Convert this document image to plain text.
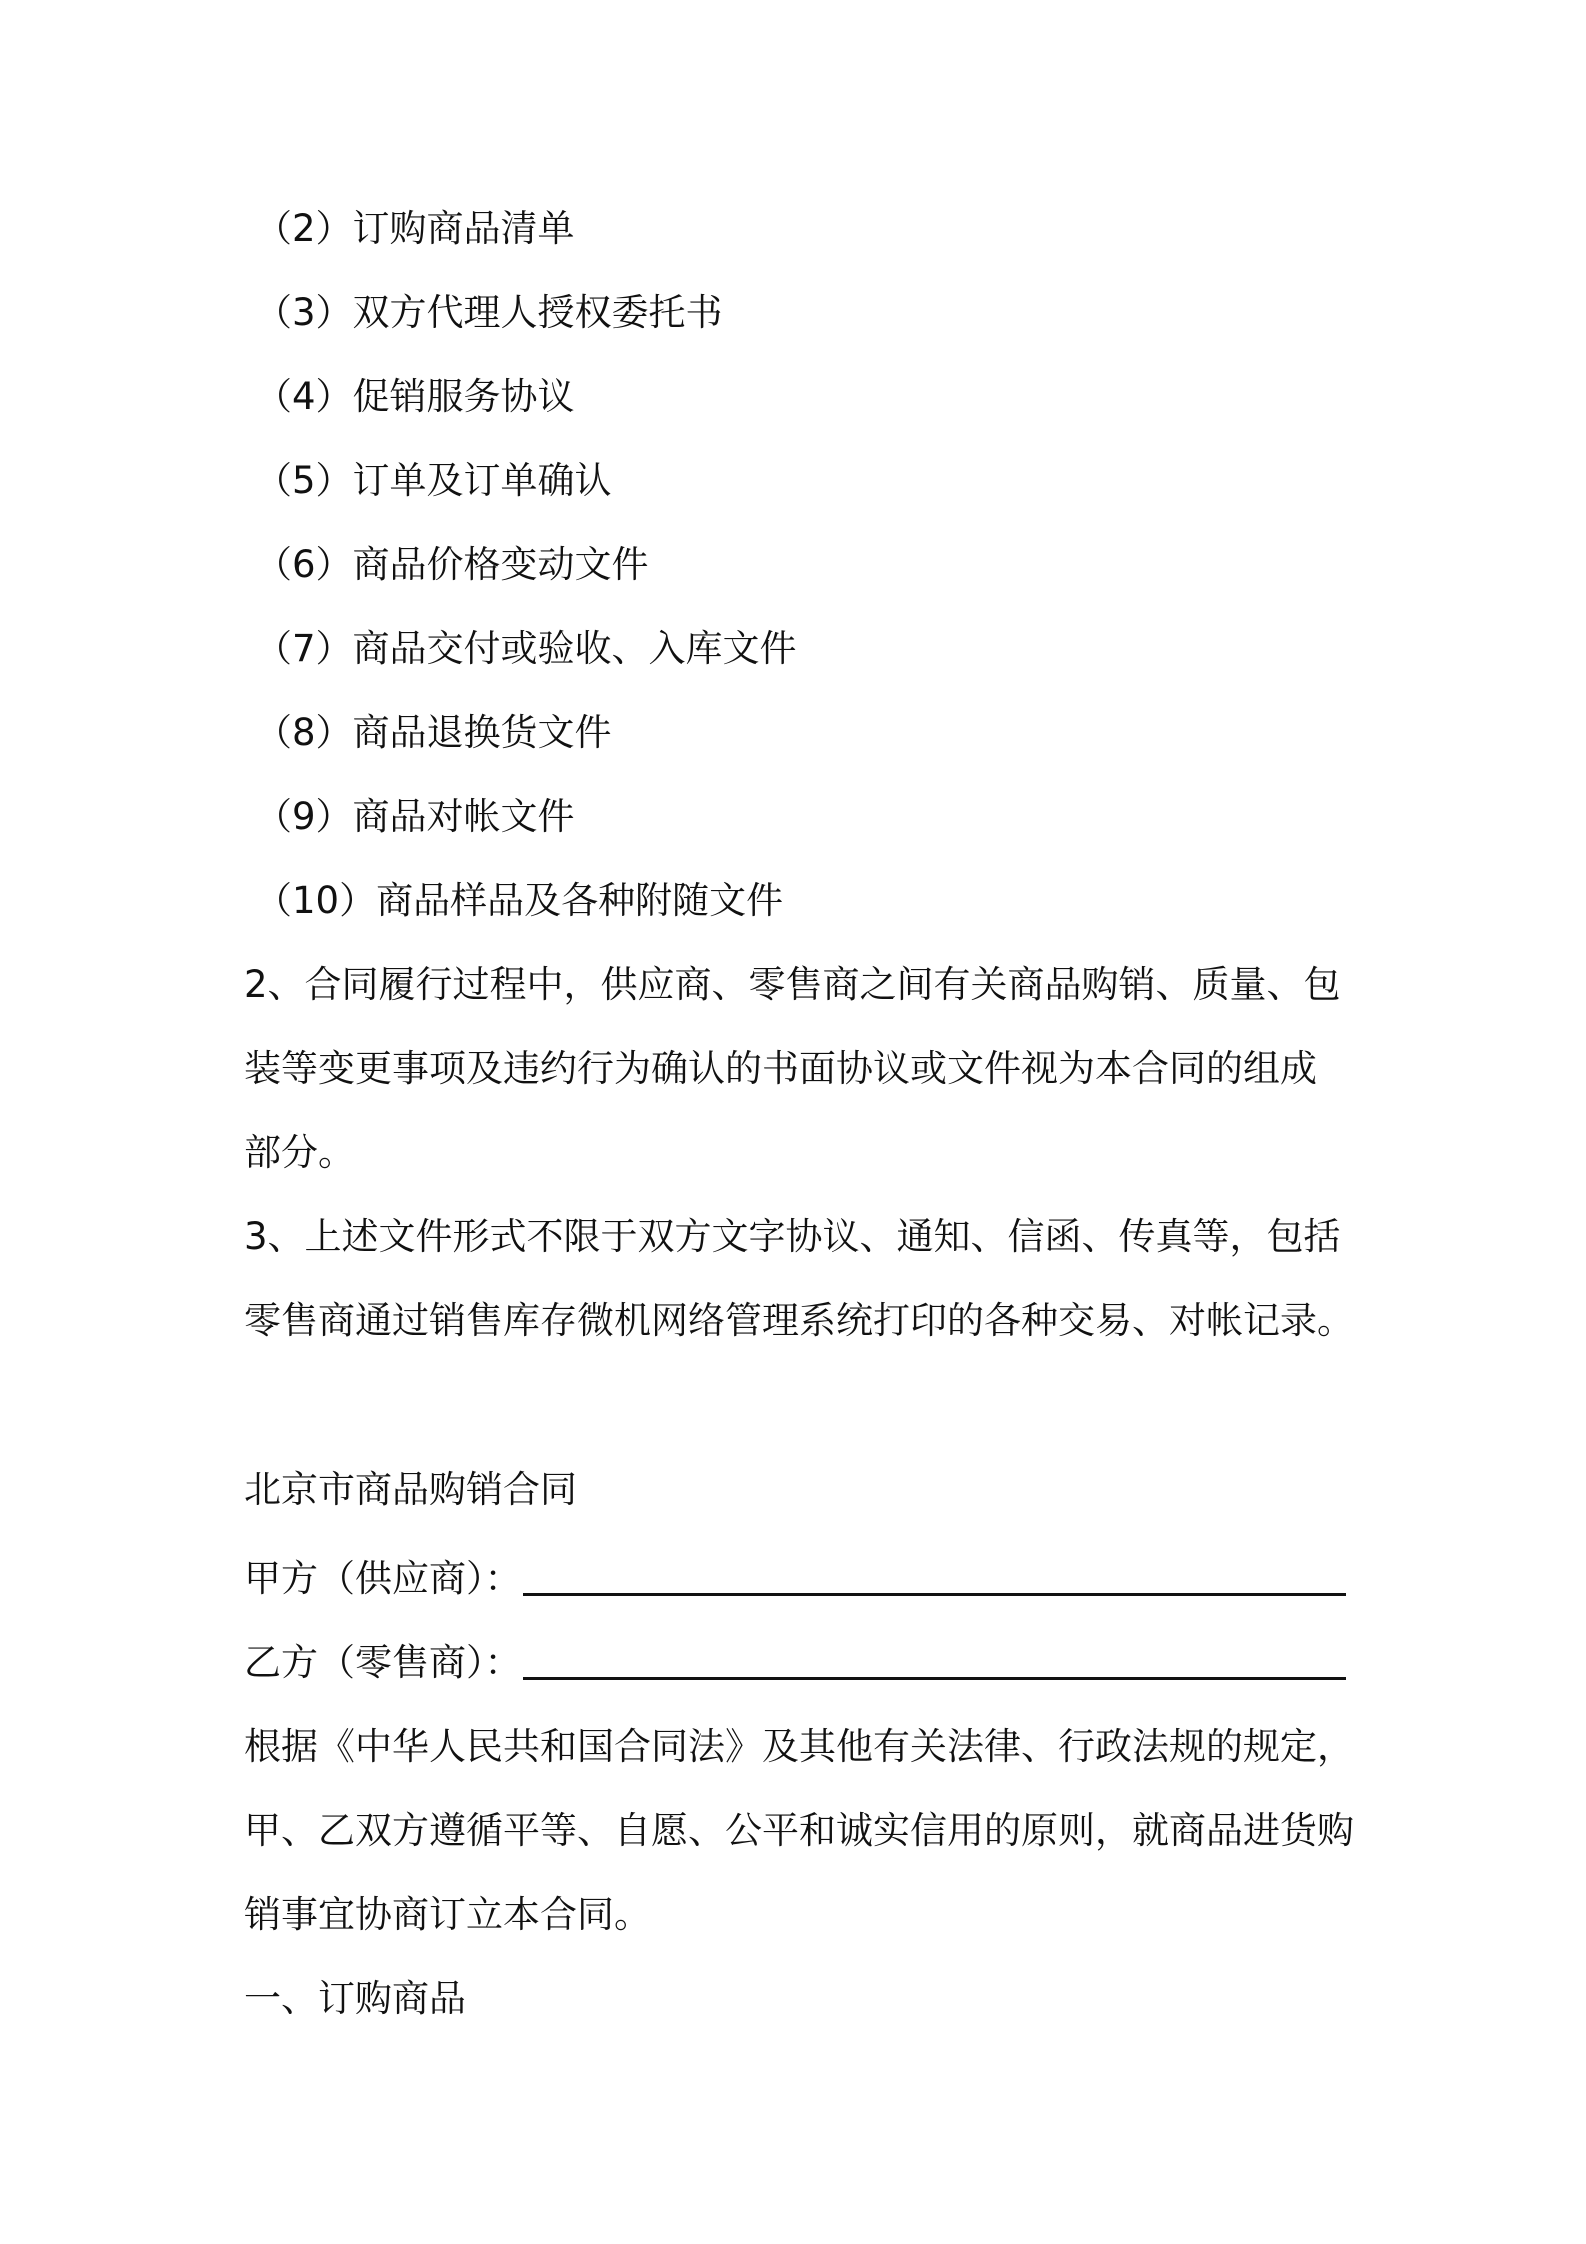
（2）订购商品清单
（3）双方代理人授权委托书
（4）促销服务协议
（5）订单及订单确认
（6）商品价格变动文件
（7）商品交付或验收、入库文件
（8）商品退换货文件
（9）商品对帐文件
（10）商品样品及各种附随文件
2、合同履行过程中，供应商、零售商之间有关商品购销、质量、包
装等变更事项及违约行为确认的书面协议或文件视为本合同的组成
部分。
3、上述文件形式不限于双方文字协议、通知、信函、传真等，包括
零售商通过销售库存微机网络管理系统打印的各种交易、对帐记录。
北京市商品购销合同
甲方（供应商）：
乙方（零售商）：
根据《中华人民共和国合同法》及其他有关法律、行政法规的规定，
甲、乙双方遵循平等、自愿、公平和诚实信用的原则，就商品进货购
销事宜协商订立本合同。
一、订购商品
